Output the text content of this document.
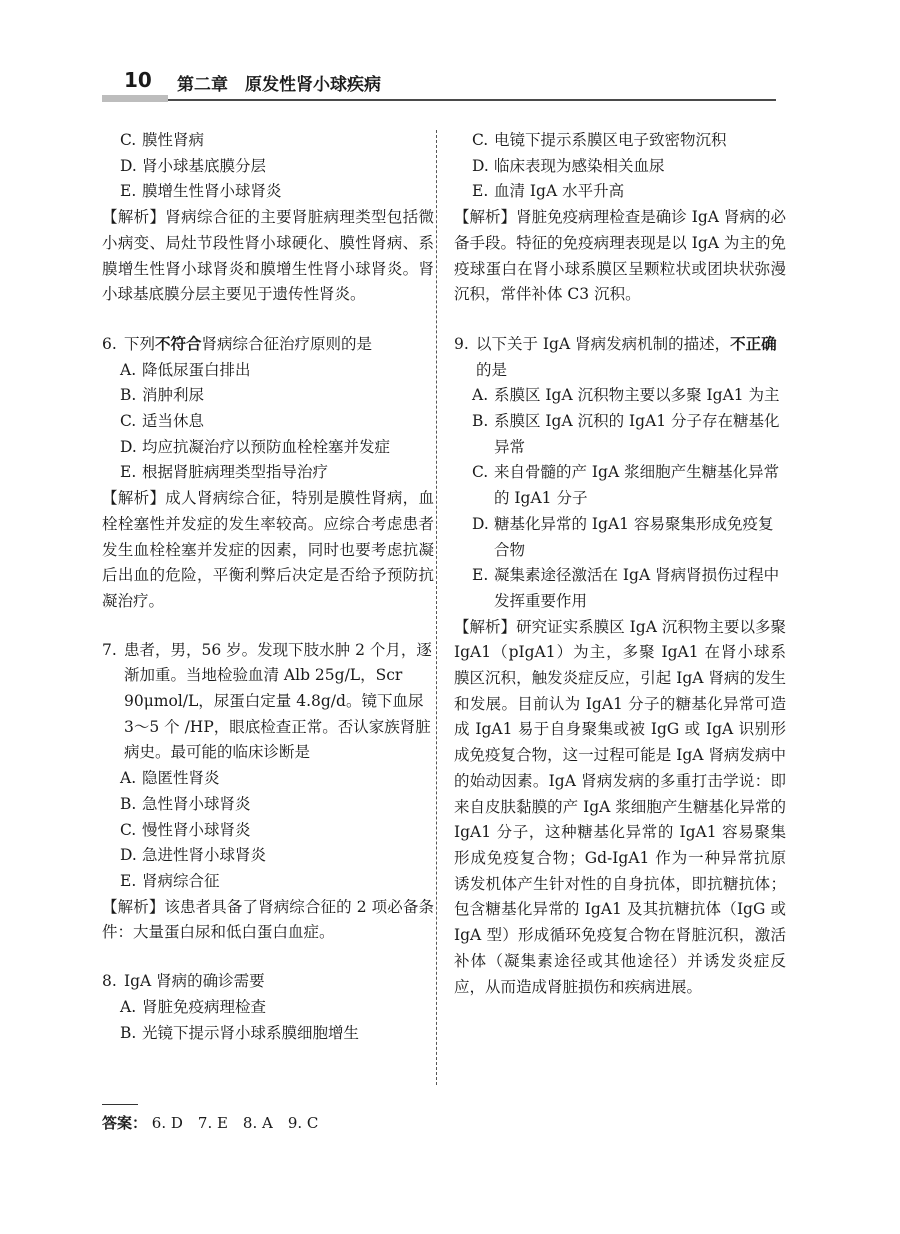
10 第二章　原发性肾小球疾病
C. 膜性肾病
D. 肾小球基底膜分层
E. 膜增生性肾小球肾炎
【解析】肾病综合征的主要肾脏病理类型包括微小病变、局灶节段性肾小球硬化、膜性肾病、系膜增生性肾小球肾炎和膜增生性肾小球肾炎。肾小球基底膜分层主要见于遗传性肾炎。
6. 下列不符合肾病综合征治疗原则的是
A. 降低尿蛋白排出
B. 消肿利尿
C. 适当休息
D. 均应抗凝治疗以预防血栓栓塞并发症
E. 根据肾脏病理类型指导治疗
【解析】成人肾病综合征，特别是膜性肾病，血栓栓塞性并发症的发生率较高。应综合考虑患者发生血栓栓塞并发症的因素，同时也要考虑抗凝后出血的危险，平衡利弊后决定是否给予预防抗凝治疗。
7. 患者，男，56 岁。发现下肢水肿 2 个月，逐渐加重。当地检验血清 Alb 25g/L，Scr 90μmol/L，尿蛋白定量 4.8g/d。镜下血尿 3～5 个 /HP，眼底检查正常。否认家族肾脏病史。最可能的临床诊断是
A. 隐匿性肾炎
B. 急性肾小球肾炎
C. 慢性肾小球肾炎
D. 急进性肾小球肾炎
E. 肾病综合征
【解析】该患者具备了肾病综合征的 2 项必备条件：大量蛋白尿和低白蛋白血症。
8. IgA 肾病的确诊需要
A. 肾脏免疫病理检查
B. 光镜下提示肾小球系膜细胞增生
C. 电镜下提示系膜区电子致密物沉积
D. 临床表现为感染相关血尿
E. 血清 IgA 水平升高
【解析】肾脏免疫病理检查是确诊 IgA 肾病的必备手段。特征的免疫病理表现是以 IgA 为主的免疫球蛋白在肾小球系膜区呈颗粒状或团块状弥漫沉积，常伴补体 C3 沉积。
9. 以下关于 IgA 肾病发病机制的描述，不正确的是
A. 系膜区 IgA 沉积物主要以多聚 IgA1 为主
B. 系膜区 IgA 沉积的 IgA1 分子存在糖基化异常
C. 来自骨髓的产 IgA 浆细胞产生糖基化异常的 IgA1 分子
D. 糖基化异常的 IgA1 容易聚集形成免疫复合物
E. 凝集素途径激活在 IgA 肾病肾损伤过程中发挥重要作用
【解析】研究证实系膜区 IgA 沉积物主要以多聚 IgA1（pIgA1）为主，多聚 IgA1 在肾小球系膜区沉积，触发炎症反应，引起 IgA 肾病的发生和发展。目前认为 IgA1 分子的糖基化异常可造成 IgA1 易于自身聚集或被 IgG 或 IgA 识别形成免疫复合物，这一过程可能是 IgA 肾病发病中的始动因素。IgA 肾病发病的多重打击学说：即来自皮肤黏膜的产 IgA 浆细胞产生糖基化异常的 IgA1 分子，这种糖基化异常的 IgA1 容易聚集形成免疫复合物；Gd-IgA1 作为一种异常抗原诱发机体产生针对性的自身抗体，即抗糖抗体；包含糖基化异常的 IgA1 及其抗糖抗体（IgG 或 IgA 型）形成循环免疫复合物在肾脏沉积，激活补体（凝集素途径或其他途径）并诱发炎症反应，从而造成肾脏损伤和疾病进展。
答案： 6. D　7. E　8. A　9. C
